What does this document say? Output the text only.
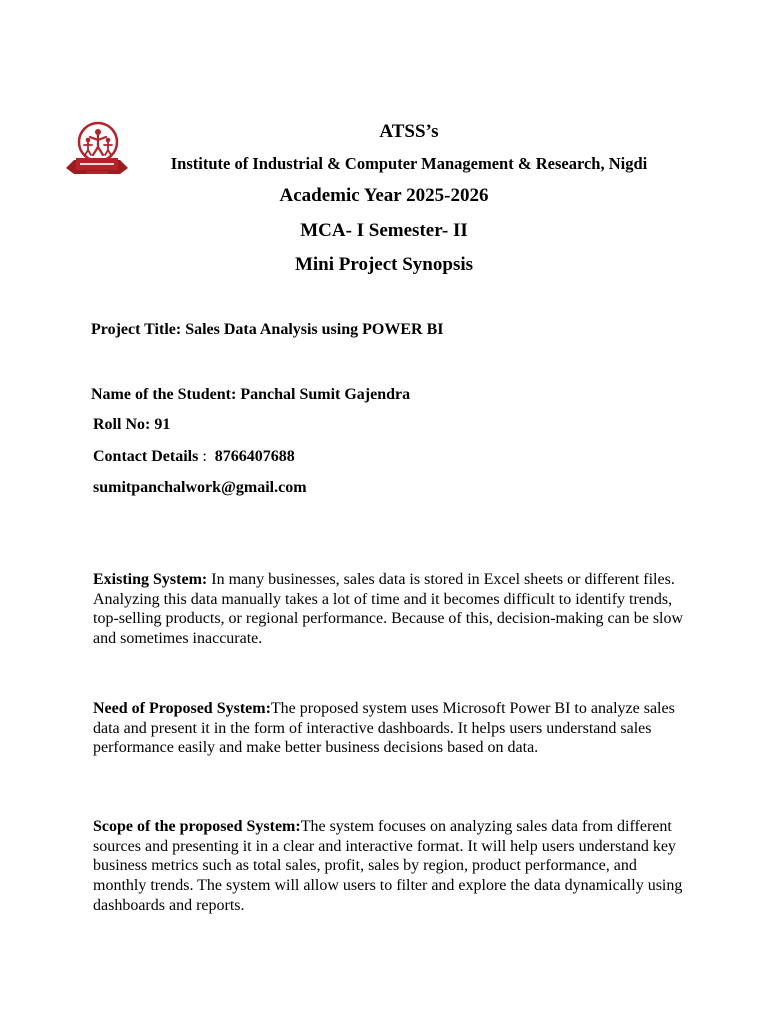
ATSS’s
Institute of Industrial & Computer Management & Research, Nigdi
Academic Year 2025-2026
MCA- I Semester- II
Mini Project Synopsis
Project Title: Sales Data Analysis using POWER BI
Name of the Student: Panchal Sumit Gajendra
Roll No: 91
Contact Details : 8766407688
sumitpanchalwork@gmail.com
Existing System: In many businesses, sales data is stored in Excel sheets or different files. Analyzing this data manually takes a lot of time and it becomes difficult to identify trends, top-selling products, or regional performance. Because of this, decision-making can be slow and sometimes inaccurate.
Need of Proposed System:The proposed system uses Microsoft Power BI to analyze sales data and present it in the form of interactive dashboards. It helps users understand sales performance easily and make better business decisions based on data.
Scope of the proposed System:The system focuses on analyzing sales data from different sources and presenting it in a clear and interactive format. It will help users understand key business metrics such as total sales, profit, sales by region, product performance, and monthly trends. The system will allow users to filter and explore the data dynamically using dashboards and reports.
